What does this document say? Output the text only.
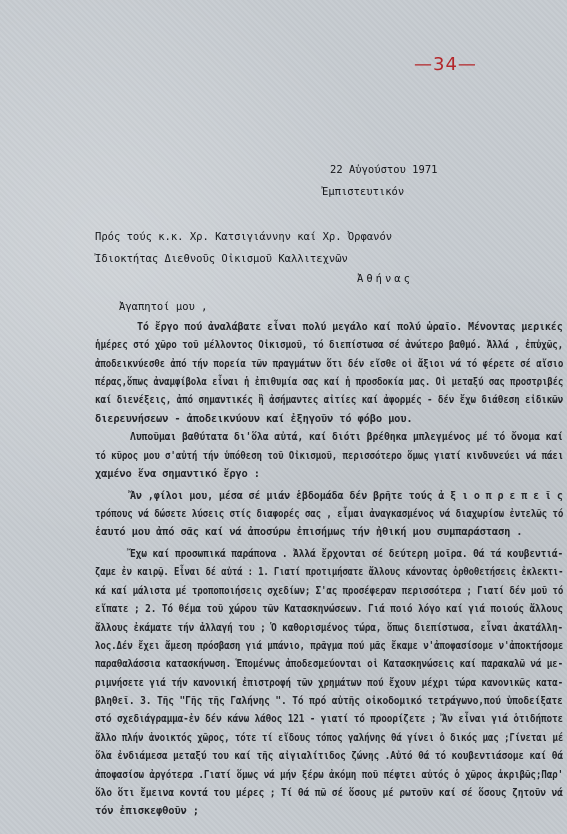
—34—
22 Αὐγούστου 1971
Ἐμπιστευτικόν
Πρός τούς κ.κ. Χρ. Κατσιγιάννην καί Χρ. Ὀρφανόν
Ἰδιοκτήτας Διεθνοῦς Οἰκισμοῦ Καλλιτεχνῶν
Ἀθήνας
Ἀγαπητοί μου ,
Τό ἔργο πού ἀναλάβατε εἶναι πολύ μεγάλο καί πολύ ὡραῖο. Μένοντας μερικές
ἡμέρες στό χῶρο τοῦ μέλλοντος Οἰκισμοῦ, τό διεπίστωσα σέ ἀνώτερο βαθμό. Ἀλλά , ἐπὐχῶς,
ἀποδεικνύεσθε ἀπό τήν πορεία τῶν πραγμάτων ὅτι δέν εἴσθε οἱ ἄξιοι νά τό φέρετε σέ αἴσιο
πέρας,ὅπως ἀναμφίβολα εἶναι ἡ ἐπιθυμία σας καί ἡ προσδοκία μας. Οἱ μεταξύ σας προστριβές
καί διενέξεις, ἀπό σημαντικές ἢ ἀσήμαντες αἰτίες καί ἀφορμές - δέν ἔχω διάθεση εἰδικῶν
διερευνήσεων - ἀποδεικνύουν καί ἐξηγοῦν τό φόβο μου.
Λυποῦμαι βαθύτατα δι'ὅλα αὐτά, καί διότι βρέθηκα μπλεγμένος μέ τό ὄνομα καί
τό κῦρος μου σ'αὐτή τήν ὑπόθεση τοῦ Οἰκισμοῦ, περισσότερο ὅμως γιατί κινδυνεύει νά πάει
χαμένο ἕνα σημαντικό ἔργο :
Ἄν ,φίλοι μου, μέσα σέ μιάν ἑβδομάδα δέν βρῆτε τούς ἀ ξ ι ο π ρ ε π ε ῖ ς
τρόπους νά δώσετε λύσεις στίς διαφορές σας , εἶμαι ἀναγκασμένος νά διαχωρίσω ἐντελῶς τό
ἑαυτό μου ἀπό σᾶς καί νά ἀποσύρω ἐπισήμως τήν ἠθική μου συμπαράσταση .
Ἔχω καί προσωπικά παράπονα . Ἀλλά ἔρχονται σέ δεύτερη μοῖρα. Θά τά κουβεντιά-
ζαμε ἐν καιρῷ. Εἶναι δέ αὐτά : 1. Γιατί προτιμήσατε ἄλλους κάνοντας ὀρθοθετήσεις ἐκλεκτι-
κά καί μάλιστα μέ τροποποιήσεις σχεδίων; Σ'ας προσέφεραν περισσότερα ; Γιατί δέν μοῦ τό
εἴπατε ; 2. Τό θέμα τοῦ χώρου τῶν Κατασκηνώσεων. Γιά ποιό λόγο καί γιά ποιούς ἄλλους
ἄλλους ἐκάματε τήν ἀλλαγή του ; Ὁ καθορισμένος τώρα, ὅπως διεπίστωσα, εἶναι ἀκατάλλη-
λος.Δέν ἔχει ἄμεση πρόσβαση γιά μπάνιο, πρᾶγμα πού μᾶς ἔκαμε ν'ἀποφασίσομε ν'ἀποκτήσομε
παραθαλάσσια κατασκήνωση. Ἑπομένως ἀποδεσμεύονται οἱ Κατασκηνώσεις καί παρακαλῶ νά με-
ριμνήσετε γιά τήν κανονική ἐπιστροφή τῶν χρημάτων πού ἔχουν μέχρι τώρα κανονικῶς κατα-
βληθεῖ. 3. Τῆς "Γῆς τῆς Γαλήνης ". Τό πρό αὐτῆς οἰκοδομικό τετράγωνο,πού ὑποδείξατε
στό σχεδιάγραμμα-ἐν δέν κάνω λάθος 121 - γιατί τό προορίζετε ; Ἄν εἶναι γιά ὁτιδήποτε
ἄλλο πλήν ἀνοικτός χῶρος, τότε τί εἴδους τόπος γαλήνης θά γίνει ὁ δικός μας ;Γίνεται μέ
ὅλα ἐνδιάμεσα μεταξύ του καί τῆς αἰγιαλίτιδος ζώνης .Αὐτό θά τό κουβεντιάσομε καί θά
ἀποφασίσω ἀργότερα .Γιατί ὅμως νά μήν ξέρω ἀκόμη ποῦ πέφτει αὐτός ὁ χῶρος ἀκριβῶς;Παρ'
ὅλο ὅτι ἔμεινα κοντά του μέρες ; Τί θά πῶ σέ ὅσους μέ ρωτοῦν καί σέ ὅσους ζητοῦν νά
τόν ἐπισκεφθοῦν ;
